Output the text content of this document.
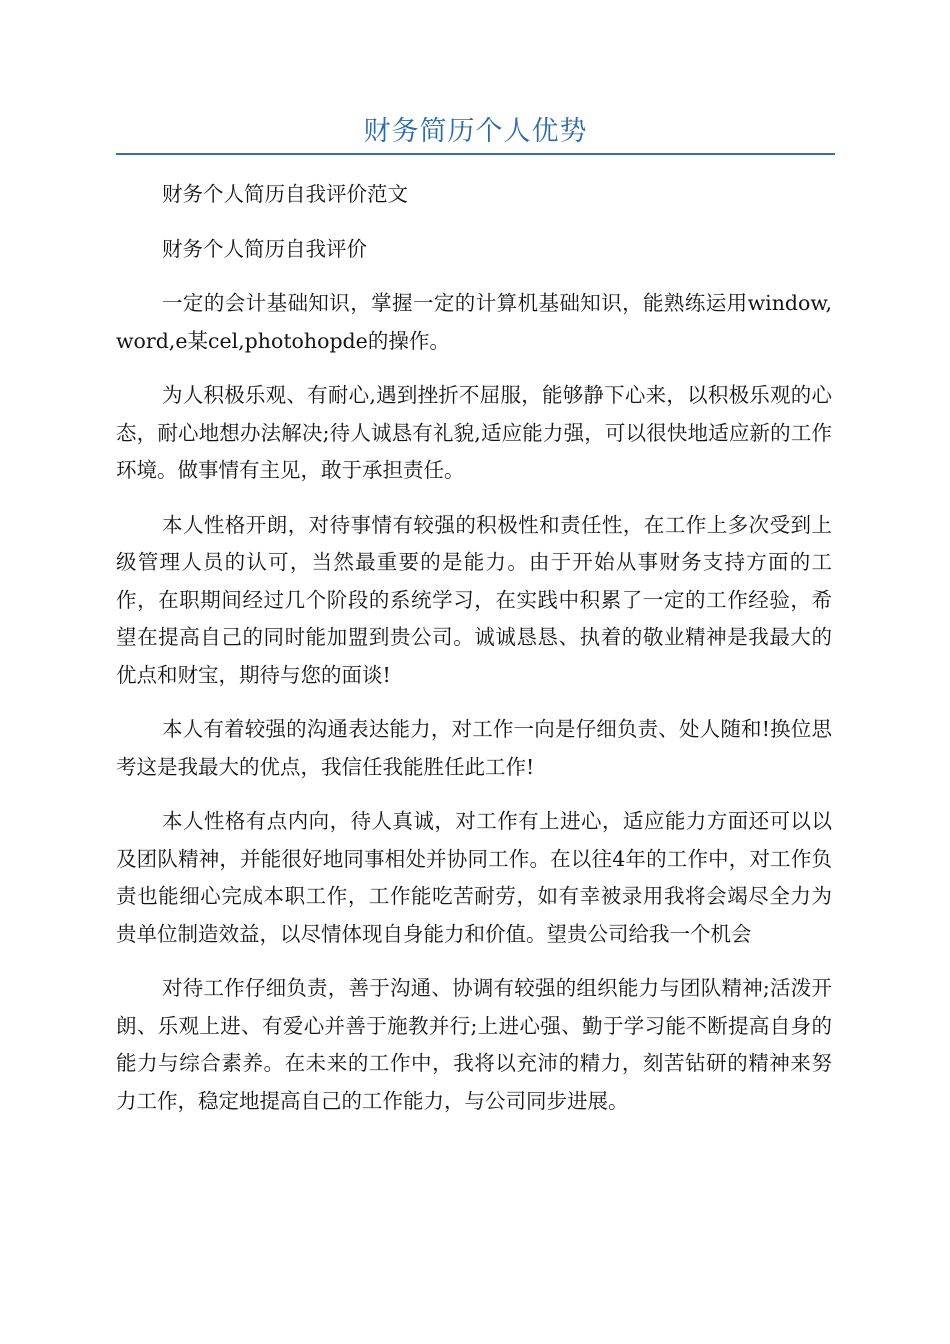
财务简历个人优势

财务个人简历自我评价范文

财务个人简历自我评价

一定的会计基础知识，掌握一定的计算机基础知识，能熟练运用window,word,e某cel,photohopde的操作。

为人积极乐观、有耐心,遇到挫折不屈服，能够静下心来，以积极乐观的心态，耐心地想办法解决;待人诚恳有礼貌,适应能力强，可以很快地适应新的工作环境。做事情有主见，敢于承担责任。

本人性格开朗，对待事情有较强的积极性和责任性，在工作上多次受到上级管理人员的认可，当然最重要的是能力。由于开始从事财务支持方面的工作，在职期间经过几个阶段的系统学习，在实践中积累了一定的工作经验，希望在提高自己的同时能加盟到贵公司。诚诚恳恳、执着的敬业精神是我最大的优点和财宝，期待与您的面谈!

本人有着较强的沟通表达能力，对工作一向是仔细负责、处人随和!换位思考这是我最大的优点，我信任我能胜任此工作!

本人性格有点内向，待人真诚，对工作有上进心，适应能力方面还可以以及团队精神，并能很好地同事相处并协同工作。在以往4年的工作中，对工作负责也能细心完成本职工作，工作能吃苦耐劳，如有幸被录用我将会竭尽全力为贵单位制造效益，以尽情体现自身能力和价值。望贵公司给我一个机会

对待工作仔细负责，善于沟通、协调有较强的组织能力与团队精神;活泼开朗、乐观上进、有爱心并善于施教并行;上进心强、勤于学习能不断提高自身的能力与综合素养。在未来的工作中，我将以充沛的精力，刻苦钻研的精神来努力工作，稳定地提高自己的工作能力，与公司同步进展。
